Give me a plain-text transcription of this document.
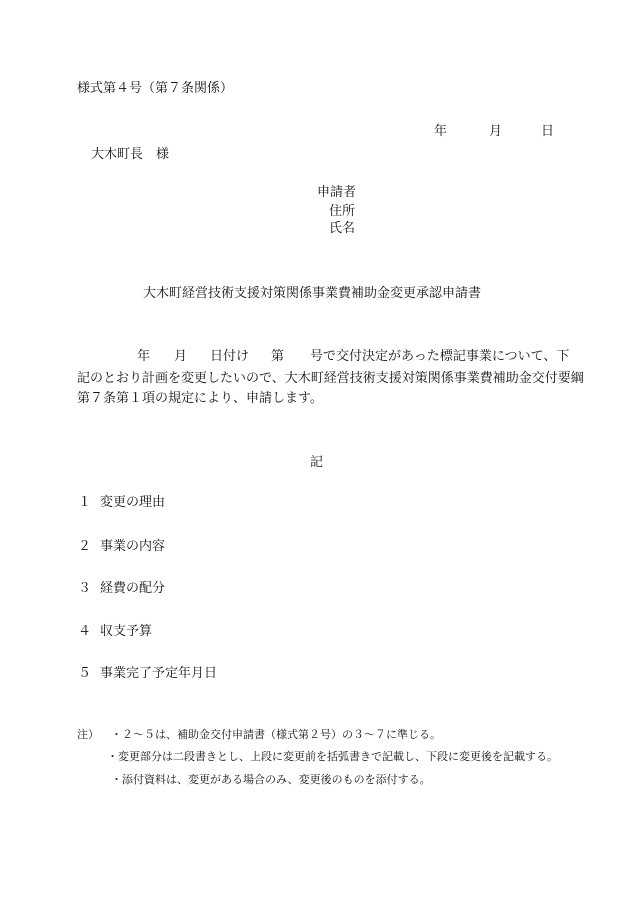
様式第４号（第７条関係）
年	月	日
大木町長　様
申請者
住所
氏名
大木町経営技術支援対策関係事業費補助金変更承認申請書
年 月 日付け 第 号で交付決定があった標記事業について、下
記のとおり計画を変更したいので、大木町経営技術支援対策関係事業費補助金交付要綱
第７条第１項の規定により、申請します。
記
１ 変更の理由
２ 事業の内容
３ 経費の配分
４ 収支予算
５ 事業完了予定年月日
注） ・２～５は、補助金交付申請書（様式第２号）の３～７に準じる。
・変更部分は二段書きとし、上段に変更前を括弧書きで記載し、下段に変更後を記載する。
・添付資料は、変更がある場合のみ、変更後のものを添付する。
